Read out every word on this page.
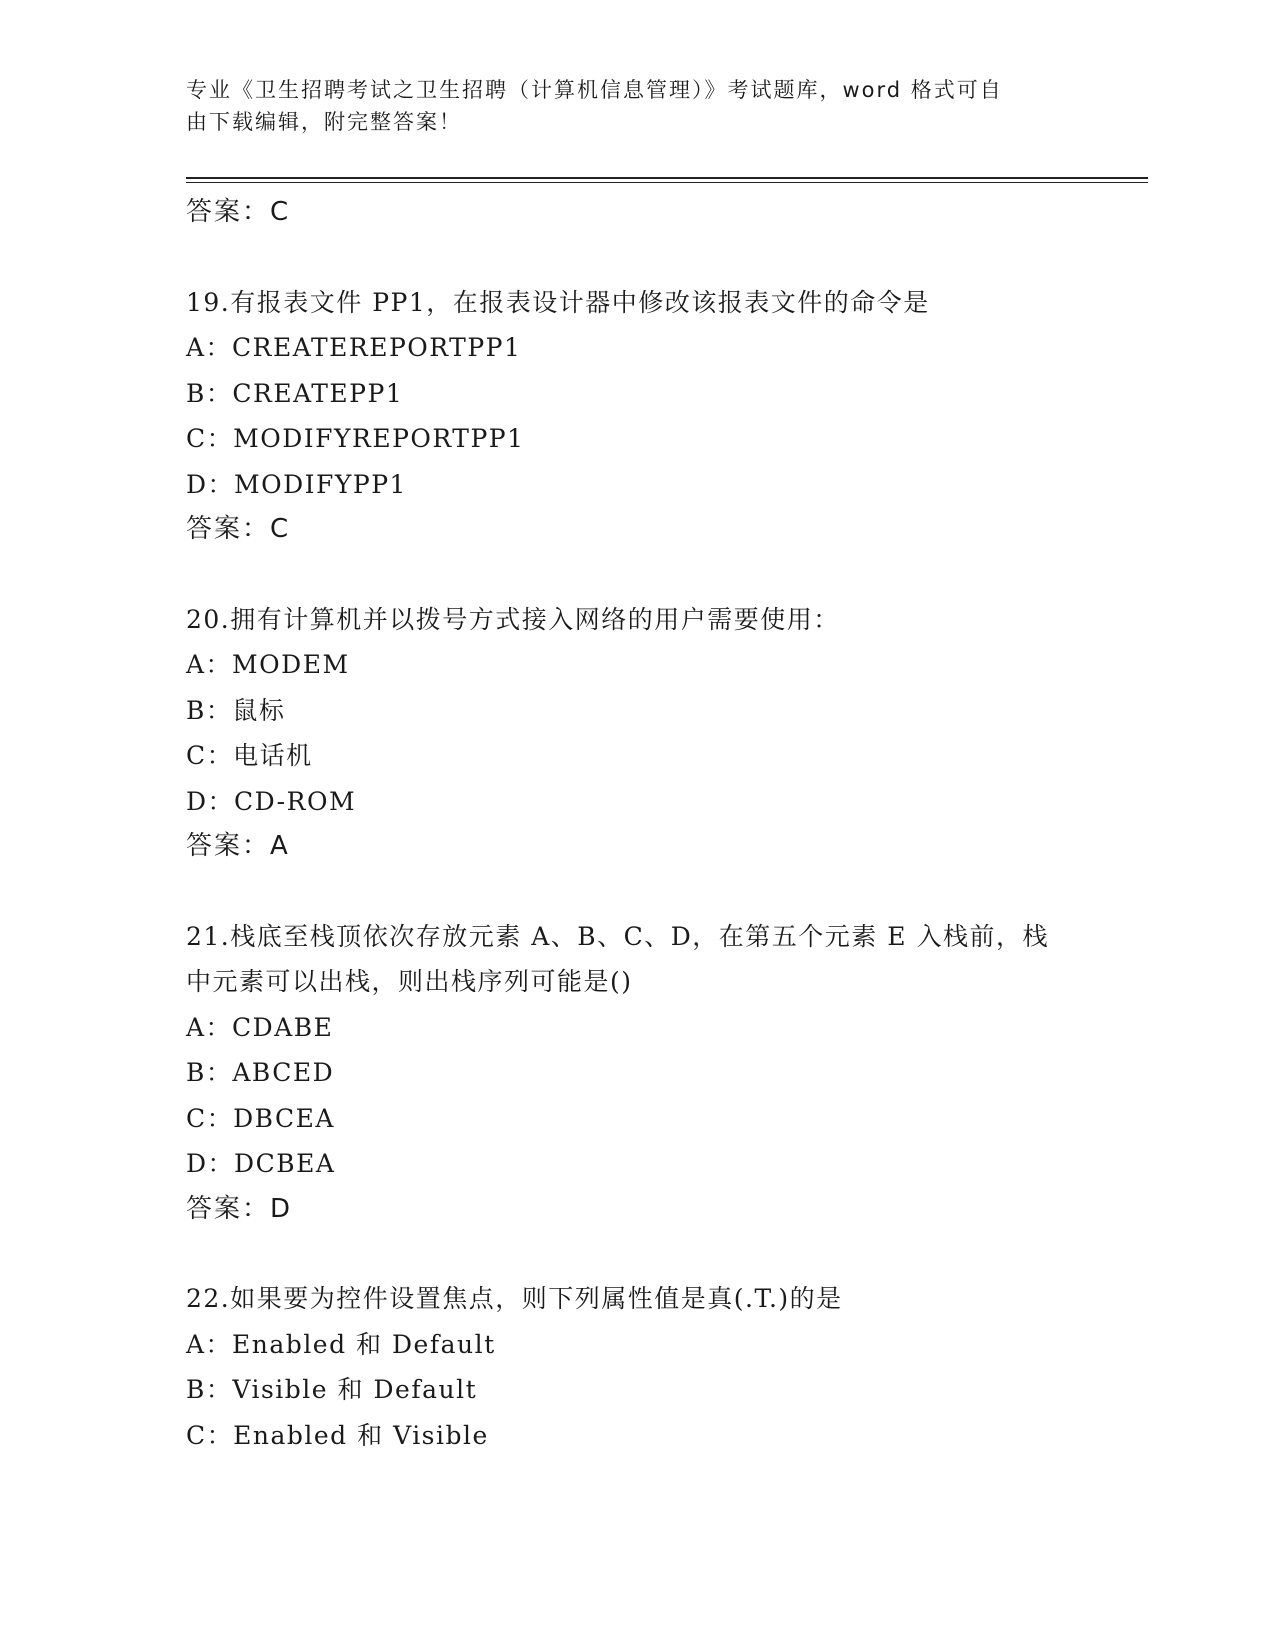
专业《卫生招聘考试之卫生招聘（计算机信息管理）》考试题库，word 格式可自
由下载编辑，附完整答案！
答案：C
19.有报表文件 PP1，在报表设计器中修改该报表文件的命令是
A：CREATEREPORTPP1
B：CREATEPP1
C：MODIFYREPORTPP1
D：MODIFYPP1
答案：C
20.拥有计算机并以拨号方式接入网络的用户需要使用：
A：MODEM
B：鼠标
C：电话机
D：CD-ROM
答案：A
21.栈底至栈顶依次存放元素 A、B、C、D，在第五个元素 E 入栈前，栈
中元素可以出栈，则出栈序列可能是()
A：CDABE
B：ABCED
C：DBCEA
D：DCBEA
答案：D
22.如果要为控件设置焦点，则下列属性值是真(.T.)的是
A：Enabled 和 Default
B：Visible 和 Default
C：Enabled 和 Visible
